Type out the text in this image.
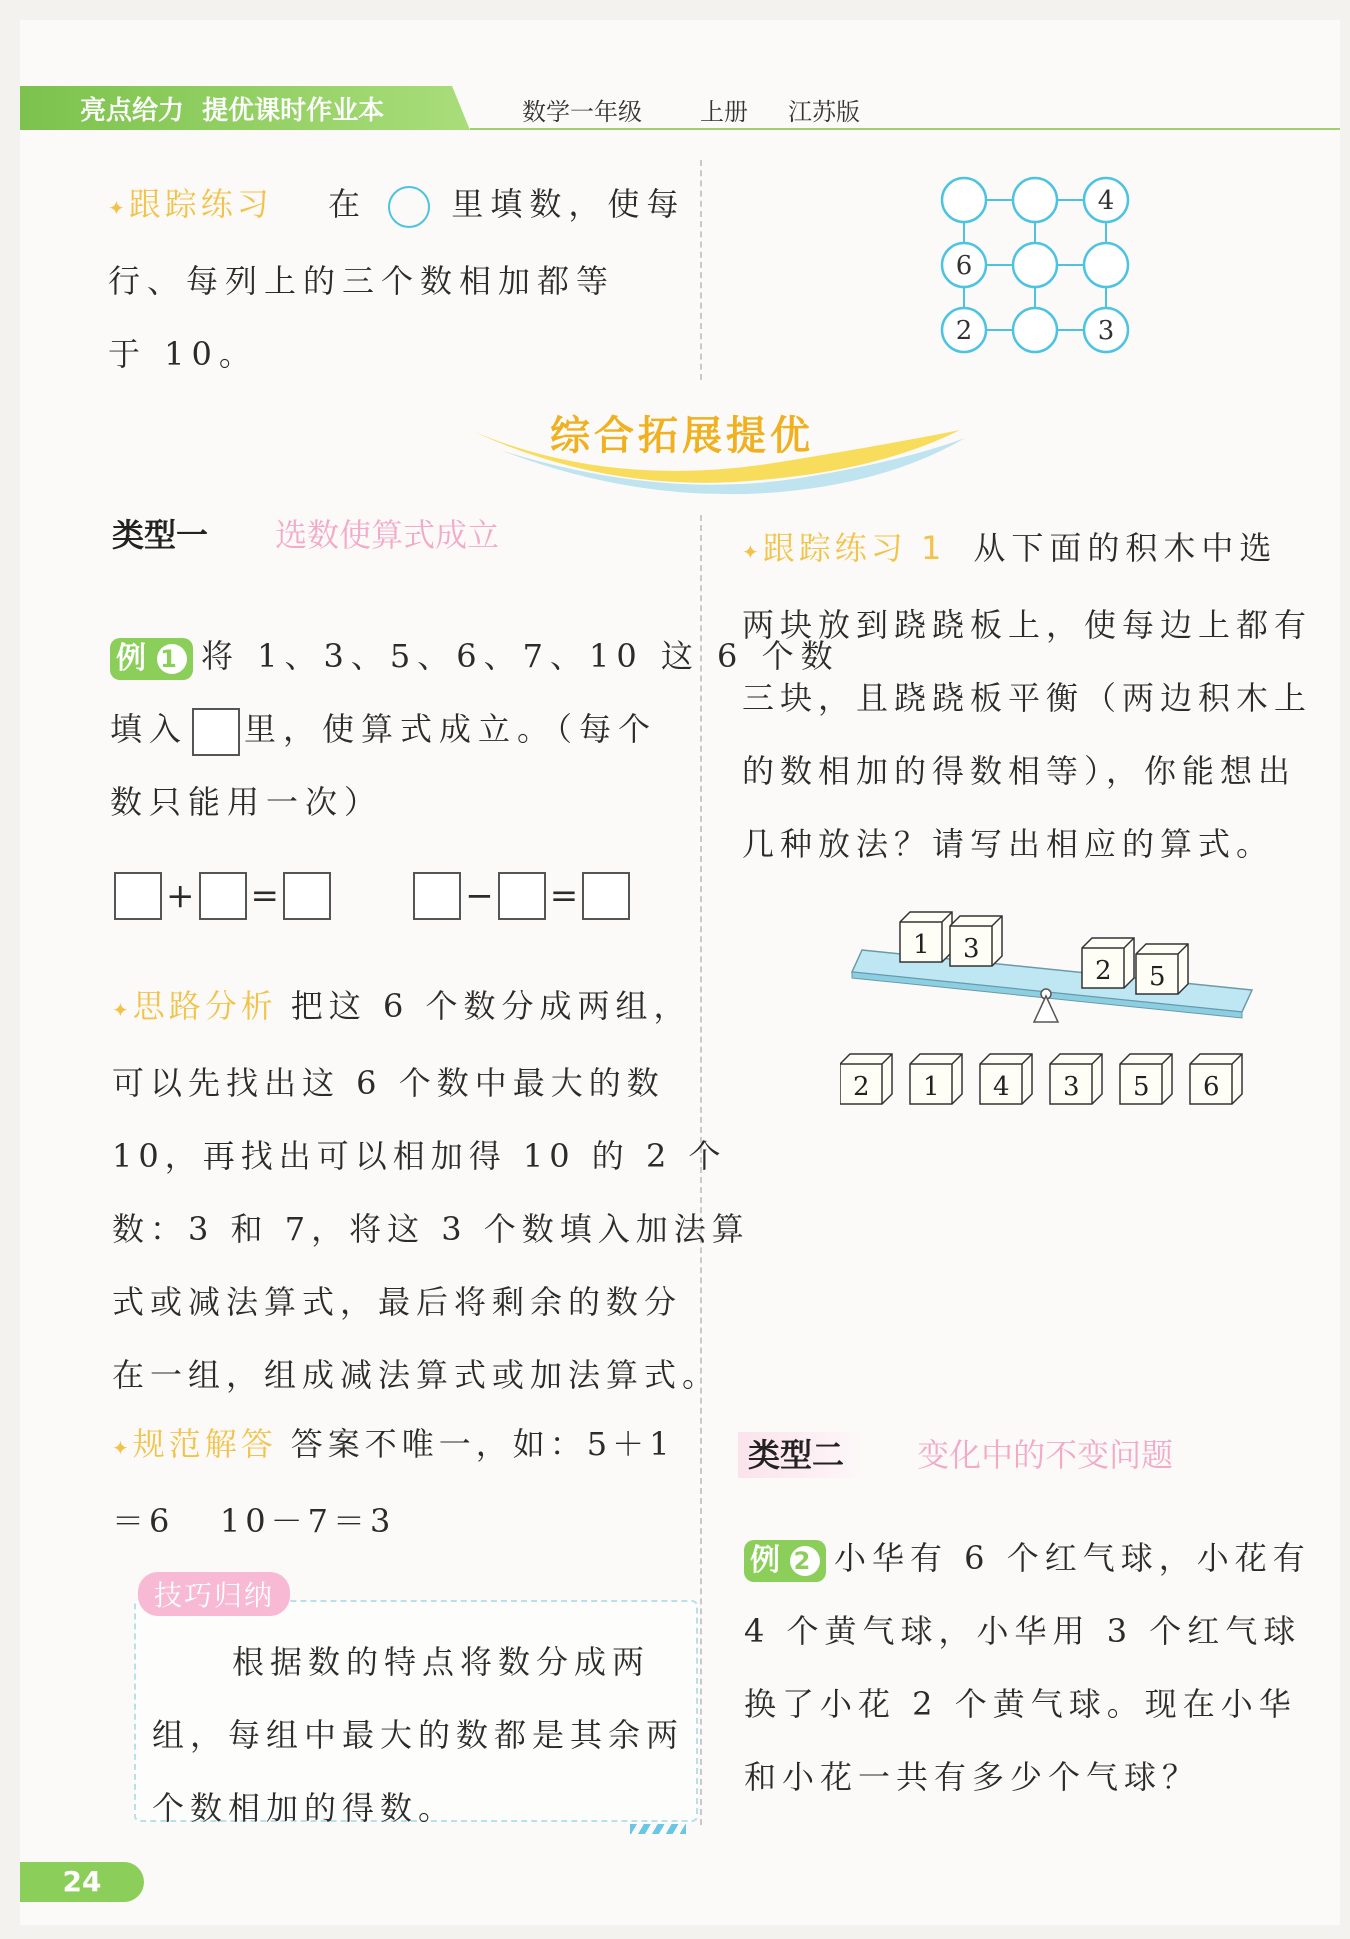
亮点给力  提优课时作业本	数学一年级 上册 江苏版
✦跟踪练习 在	里填数，使每
行、每列上的三个数相加都等
于 10。
4
6
2	3
综合拓展提优
类型一 选数使算式成立
例 1 将 1、3、5、6、7、10 这 6 个数
填入 里，使算式成立。（每个
数只能用一次）
+ =	− =
✦思路分析 把这 6 个数分成两组，
可以先找出这 6 个数中最大的数
10，再找出可以相加得 10 的 2 个
数：3 和 7，将这 3 个数填入加法算
式或减法算式，最后将剩余的数分
在一组，组成减法算式或加法算式。
✦规范解答 答案不唯一，如：5＋1
＝6   10－7＝3
技巧归纳
根据数的特点将数分成两
组，每组中最大的数都是其余两
个数相加的得数。
✦跟踪练习 1 从下面的积木中选
两块放到跷跷板上，使每边上都有
三块，且跷跷板平衡（两边积木上
的数相加的得数相等），你能想出
几种放法？请写出相应的算式。
1 3
2 5
2 1 4 3 5 6
类型二 变化中的不变问题
例 2 小华有 6 个红气球，小花有
4 个黄气球，小华用 3 个红气球
换了小花 2 个黄气球。现在小华
和小花一共有多少个气球？
24
